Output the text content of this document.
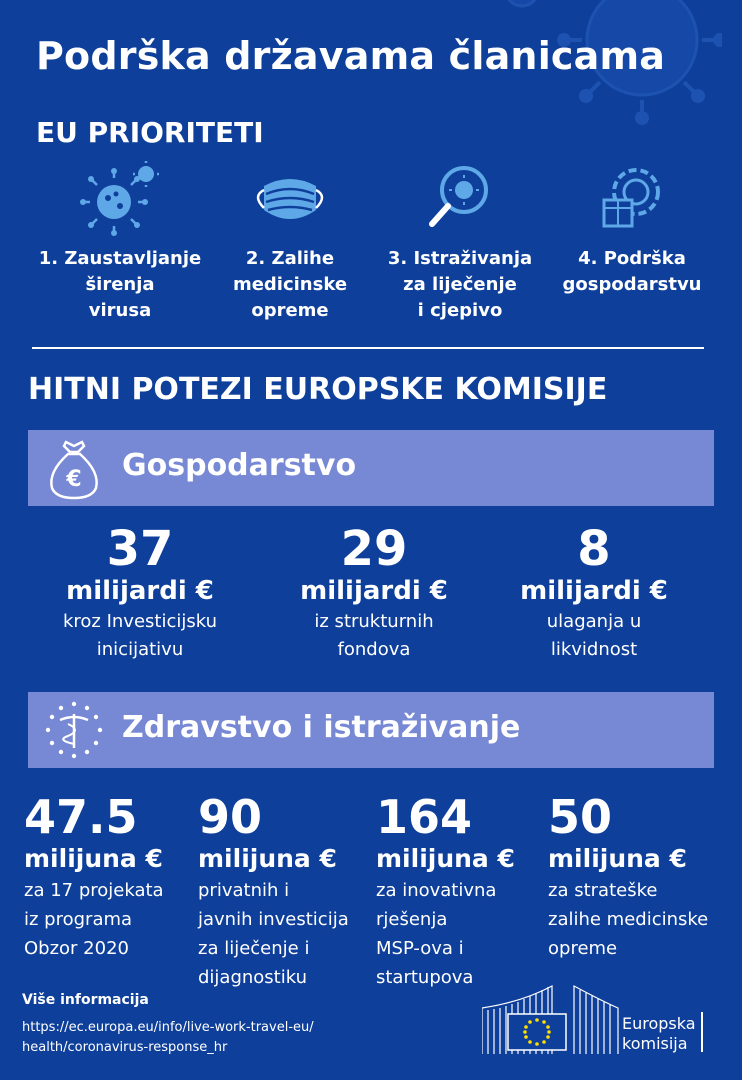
Podrška državama članicama
EU PRIORITETI
1. Zaustavljanje
širenja
virusa
2. Zalihe
medicinske
opreme
3. Istraživanja
za liječenje
i cjepivo
4. Podrška
gospodarstvu
HITNI POTEZI EUROPSKE KOMISIJE
€ Gospodarstvo
37
milijardi €
kroz Investicijsku
inicijativu
29
milijardi €
iz strukturnih
fondova
8
milijardi €
ulaganja u
likvidnost
Zdravstvo i istraživanje
47.5
milijuna €
za 17 projekata
iz programa
Obzor 2020
90
milijuna €
privatnih i
javnih investicija
za liječenje i
dijagnostiku
164
milijuna €
za inovativna
rješenja
MSP-ova i
startupova
50
milijuna €
za strateške
zalihe medicinske
opreme
Više informacija
https://ec.europa.eu/info/live-work-travel-eu/
health/coronavirus-response_hr
Europska
komisija
